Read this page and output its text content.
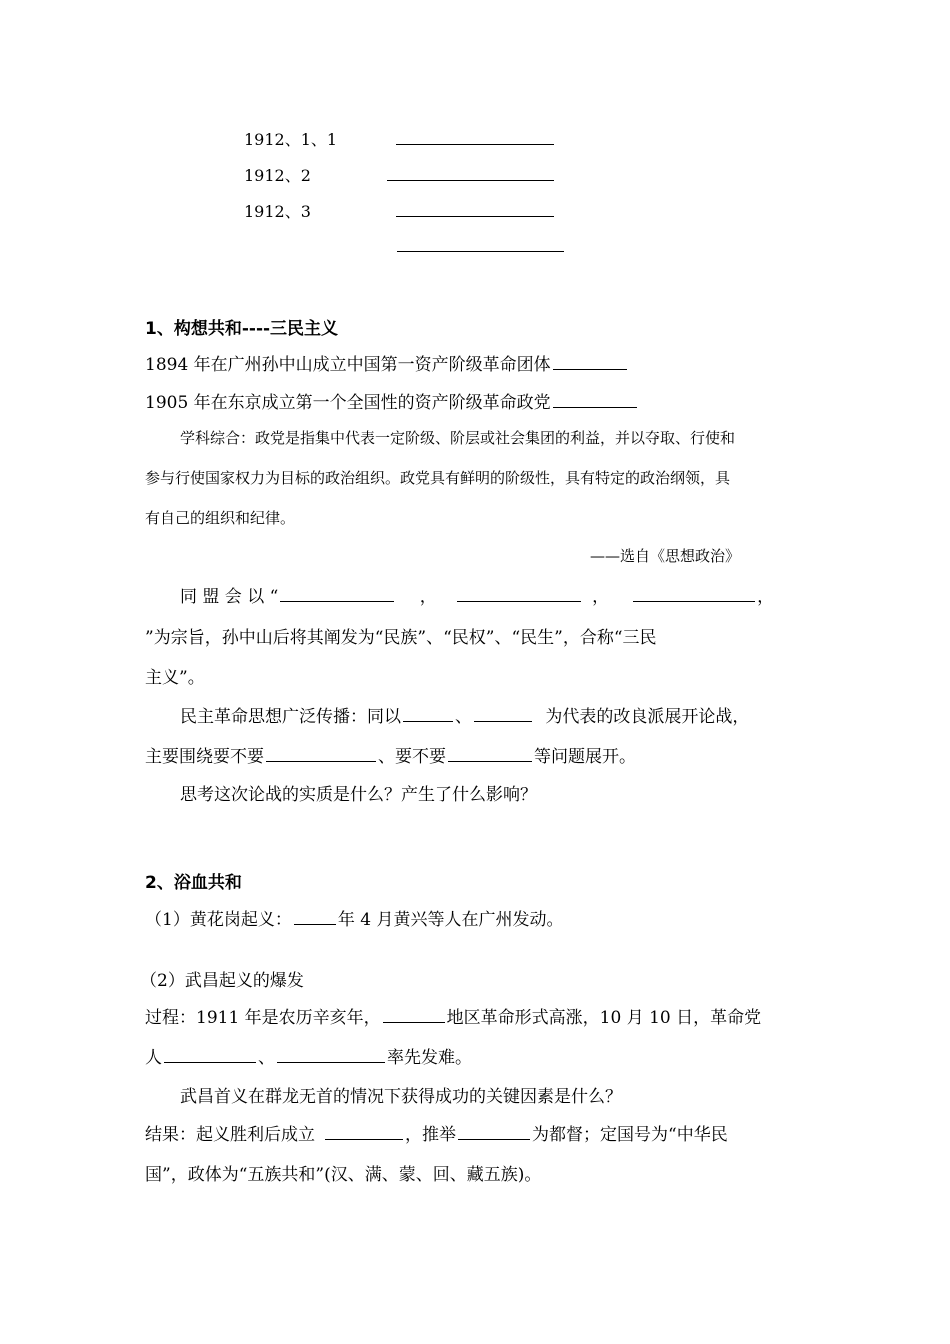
1912、1、1
1912、2
1912、3
1、构想共和----三民主义
1894 年在广州孙中山成立中国第一资产阶级革命团体
1905 年在东京成立第一个全国性的资产阶级革命政党
学科综合：政党是指集中代表一定阶级、阶层或社会集团的利益，并以夺取、行使和
参与行使国家权力为目标的政治组织。政党具有鲜明的阶级性，具有特定的政治纲领，具
有自己的组织和纪律。
——选自《思想政治》
同 盟 会 以 “	，	，	，
”为宗旨，孙中山后将其阐发为“民族”、“民权”、“民生”，合称“三民
主义”。
民主革命思想广泛传播：同以	、	为代表的改良派展开论战，
主要围绕要不要	、要不要	等问题展开。
思考这次论战的实质是什么？产生了什么影响？
2、浴血共和
（1）黄花岗起义：	年 4 月黄兴等人在广州发动。
（2）武昌起义的爆发
过程：1911 年是农历辛亥年，	地区革命形式高涨，10 月 10 日，革命党
人	、	率先发难。
武昌首义在群龙无首的情况下获得成功的关键因素是什么？
结果：起义胜利后成立	，推举	为都督；定国号为“中华民
国”，政体为“五族共和”(汉、满、蒙、回、藏五族)。
